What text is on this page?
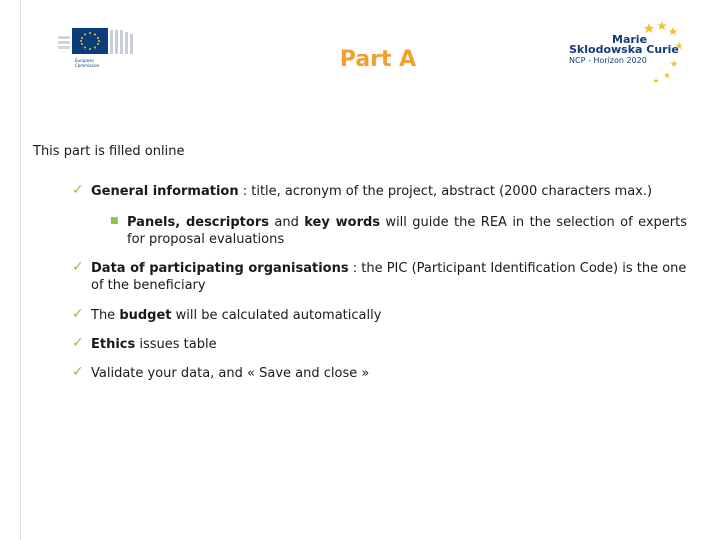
European
Commission	Part A
Marie
Sklodowska Curie
NCP - Horizon 2020
This part is filled online
✓ General information : title, acronym of the project, abstract (2000 characters max.)
■ Panels, descriptors and key words will guide the REA in the selection of experts for proposal evaluations
✓ Data of participating organisations : the PIC (Participant Identification Code) is the one of the beneficiary
✓ The budget will be calculated automatically
✓ Ethics issues table
✓ Validate your data, and « Save and close »
